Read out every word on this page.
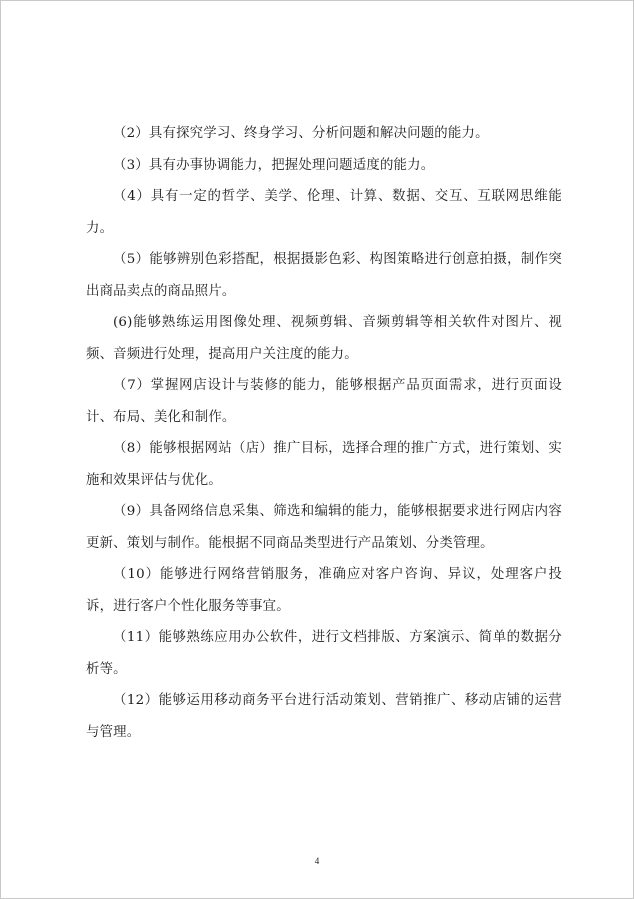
（2）具有探究学习、终身学习、分析问题和解决问题的能力。

（3）具有办事协调能力，把握处理问题适度的能力。

（4）具有一定的哲学、美学、伦理、计算、数据、交互、互联网思维能力。

（5）能够辨别色彩搭配，根据摄影色彩、构图策略进行创意拍摄，制作突出商品卖点的商品照片。

(6)能够熟练运用图像处理、视频剪辑、音频剪辑等相关软件对图片、视频、音频进行处理，提高用户关注度的能力。

（7）掌握网店设计与装修的能力，能够根据产品页面需求，进行页面设计、布局、美化和制作。

（8）能够根据网站（店）推广目标，选择合理的推广方式，进行策划、实施和效果评估与优化。

（9）具备网络信息采集、筛选和编辑的能力，能够根据要求进行网店内容更新、策划与制作。能根据不同商品类型进行产品策划、分类管理。

（10）能够进行网络营销服务，准确应对客户咨询、异议，处理客户投诉，进行客户个性化服务等事宜。

（11）能够熟练应用办公软件，进行文档排版、方案演示、简单的数据分析等。

（12）能够运用移动商务平台进行活动策划、营销推广、移动店铺的运营与管理。

4
